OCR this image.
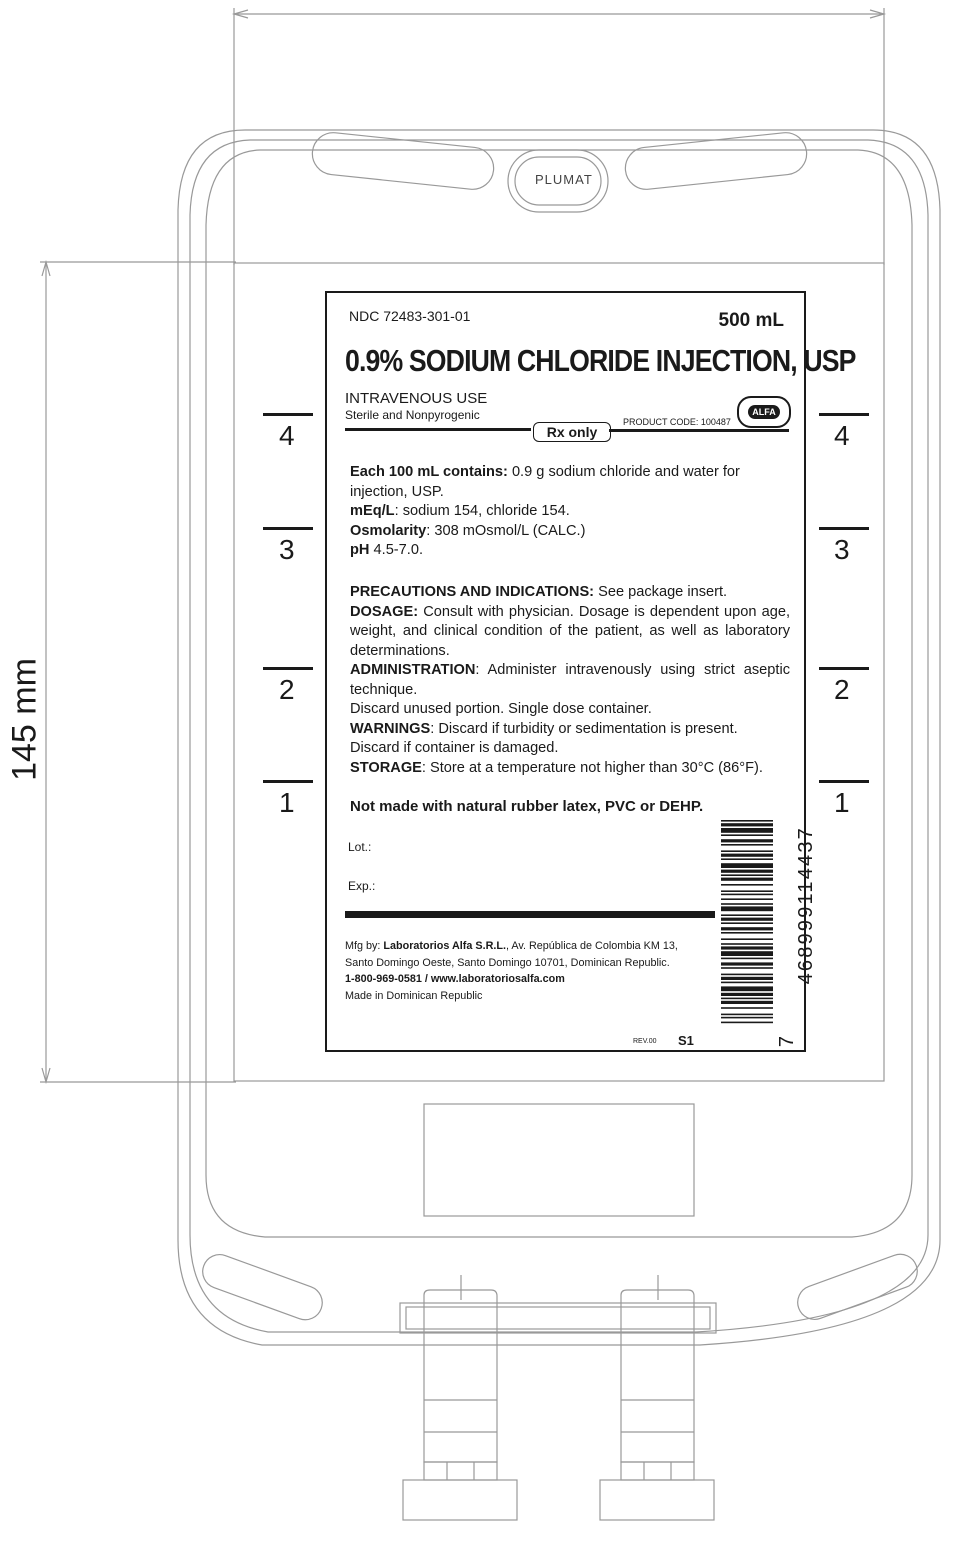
PLUMAT
145 mm
4
3
2
1
4
3
2
1
NDC 72483-301-01	500 mL
0.9% SODIUM CHLORIDE INJECTION, USP
INTRAVENOUS USE
Sterile and Nonpyrogenic
Rx only
PRODUCT CODE: 100487
ALFA
Each 100 mL contains: 0.9 g sodium chloride and water for injection, USP.
mEq/L: sodium 154, chloride 154.
Osmolarity: 308 mOsmol/L (CALC.)
pH 4.5-7.0.
PRECAUTIONS AND INDICATIONS: See package insert.
DOSAGE: Consult with physician. Dosage is dependent upon age, weight, and clinical condition of the patient, as well as laboratory determinations.
ADMINISTRATION: Administer intravenously using strict aseptic technique.
Discard unused portion. Single dose container.
WARNINGS: Discard if turbidity or sedimentation is present.
Discard if container is damaged.
STORAGE: Store at a temperature not higher than 30°C (86°F).
Not made with natural rubber latex, PVC or DEHP.
Lot.:
Exp.:
Mfg by: Laboratorios Alfa S.R.L., Av. República de Colombia KM 13,
Santo Domingo Oeste, Santo Domingo 10701, Dominican Republic.
1-800-969-0581 / www.laboratoriosalfa.com
Made in Dominican Republic
REV.00 S1
468999114437
7
